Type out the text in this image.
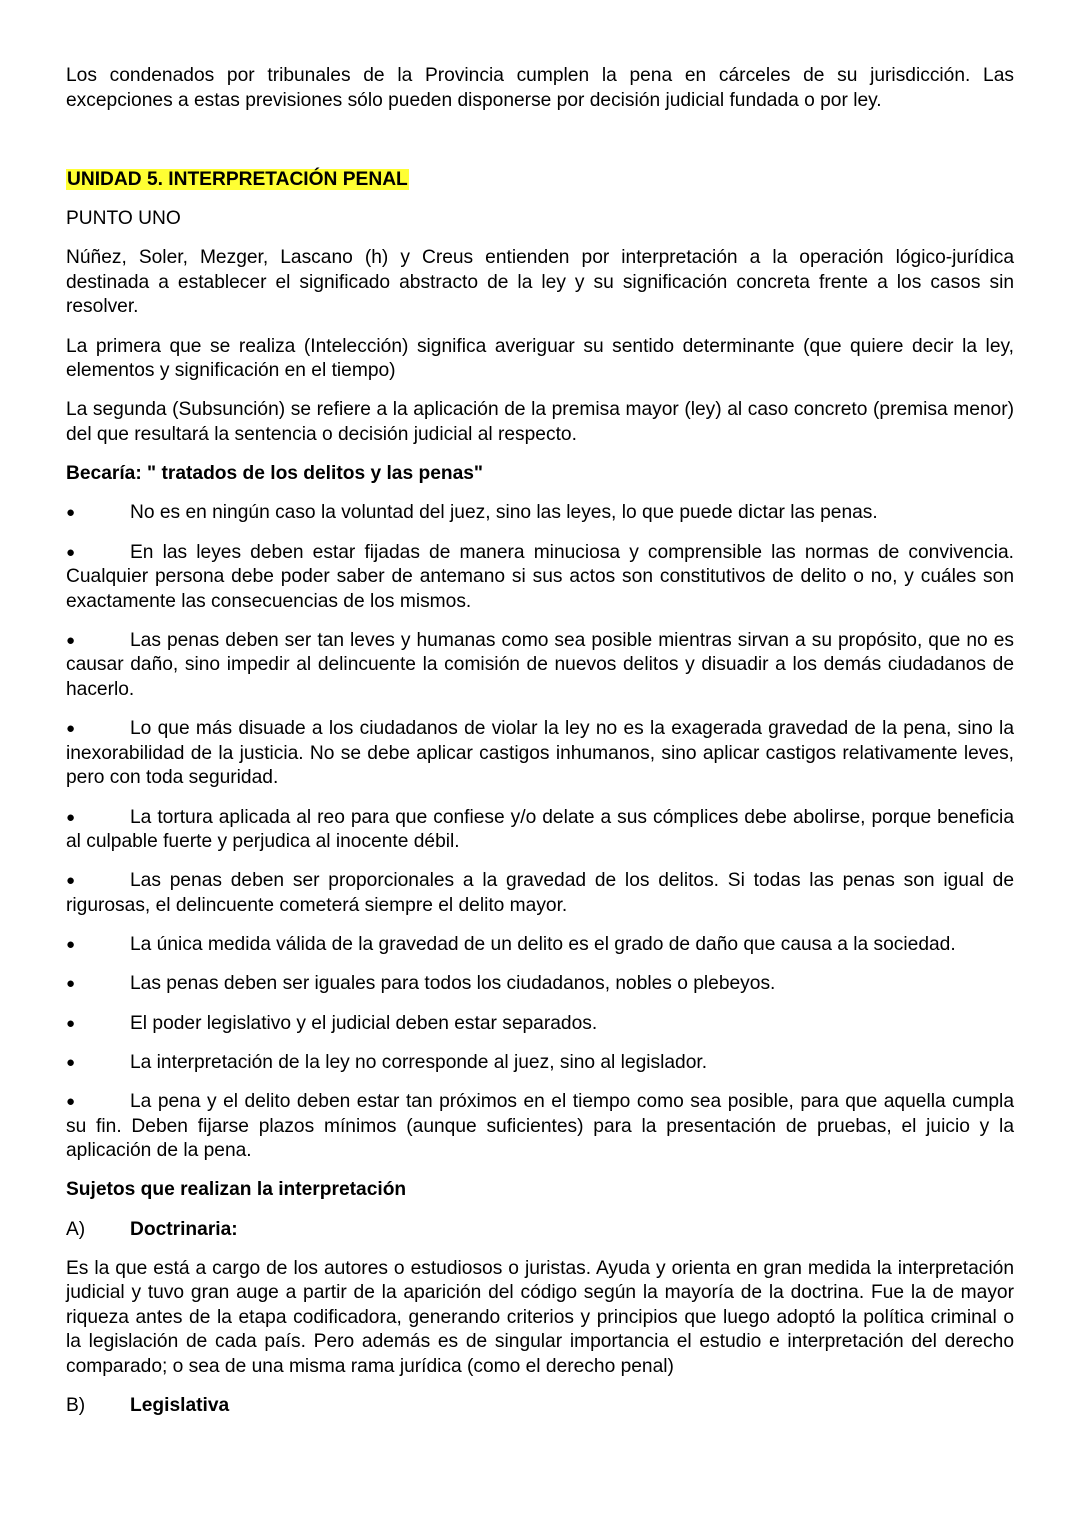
Los condenados por tribunales de la Provincia cumplen la pena en cárceles de su jurisdicción. Las excepciones a estas previsiones sólo pueden disponerse por decisión judicial fundada o por ley.

UNIDAD 5. INTERPRETACIÓN PENAL

PUNTO UNO

Núñez, Soler, Mezger, Lascano (h) y Creus entienden por interpretación a la operación lógico-jurídica destinada a establecer el significado abstracto de la ley y su significación concreta frente a los casos sin resolver.

La primera que se realiza (Intelección) significa averiguar su sentido determinante (que quiere decir la ley, elementos y significación en el tiempo)

La segunda (Subsunción) se refiere a la aplicación de la premisa mayor (ley) al caso concreto (premisa menor) del que resultará la sentencia o decisión judicial al respecto.

Becaría: " tratados de los delitos y las penas"

●	No es en ningún caso la voluntad del juez, sino las leyes, lo que puede dictar las penas.

●	En las leyes deben estar fijadas de manera minuciosa y comprensible las normas de convivencia. Cualquier persona debe poder saber de antemano si sus actos son constitutivos de delito o no, y cuáles son exactamente las consecuencias de los mismos.

●	Las penas deben ser tan leves y humanas como sea posible mientras sirvan a su propósito, que no es causar daño, sino impedir al delincuente la comisión de nuevos delitos y disuadir a los demás ciudadanos de hacerlo.

●	Lo que más disuade a los ciudadanos de violar la ley no es la exagerada gravedad de la pena, sino la inexorabilidad de la justicia. No se debe aplicar castigos inhumanos, sino aplicar castigos relativamente leves, pero con toda seguridad.

●	La tortura aplicada al reo para que confiese y/o delate a sus cómplices debe abolirse, porque beneficia al culpable fuerte y perjudica al inocente débil.

●	Las penas deben ser proporcionales a la gravedad de los delitos. Si todas las penas son igual de rigurosas, el delincuente cometerá siempre el delito mayor.

●	La única medida válida de la gravedad de un delito es el grado de daño que causa a la sociedad.
●	Las penas deben ser iguales para todos los ciudadanos, nobles o plebeyos.
●	El poder legislativo y el judicial deben estar separados.
●	La interpretación de la ley no corresponde al juez, sino al legislador.

●	La pena y el delito deben estar tan próximos en el tiempo como sea posible, para que aquella cumpla su fin. Deben fijarse plazos mínimos (aunque suficientes) para la presentación de pruebas, el juicio y la aplicación de la pena.

Sujetos que realizan la interpretación

A)	Doctrinaria:

Es la que está a cargo de los autores o estudiosos o juristas. Ayuda y orienta en gran medida la interpretación judicial y tuvo gran auge a partir de la aparición del código según la mayoría de la doctrina. Fue la de mayor riqueza antes de la etapa codificadora, generando criterios y principios que luego adoptó la política criminal o la legislación de cada país. Pero además es de singular importancia el estudio e interpretación del derecho comparado; o sea de una misma rama jurídica (como el derecho penal)

B)	Legislativa
